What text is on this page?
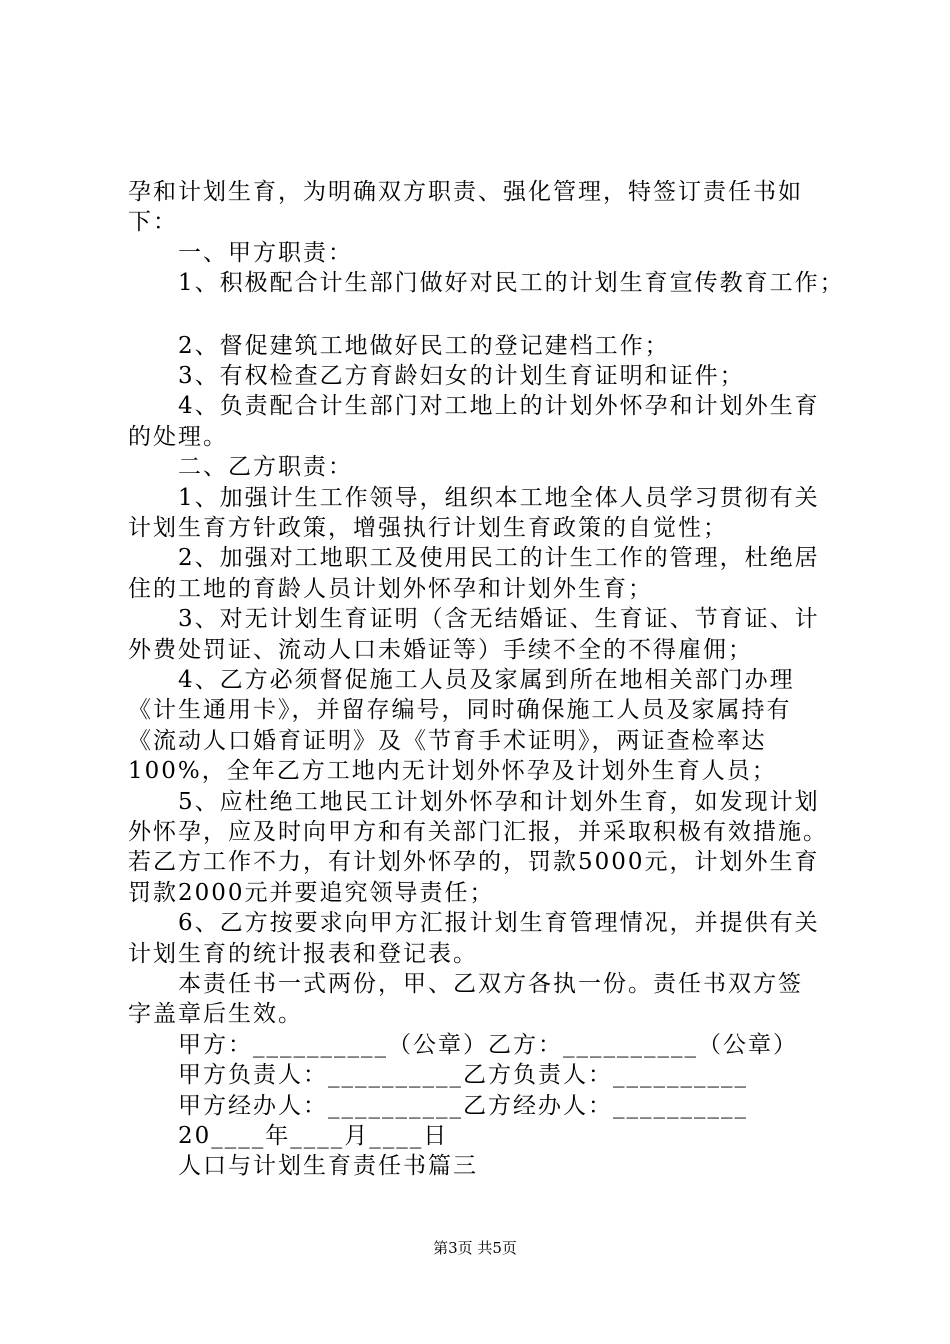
孕和计划生育，为明确双方职责、强化管理，特签订责任书如
下：
一、甲方职责：
1、积极配合计生部门做好对民工的计划生育宣传教育工作；
2、督促建筑工地做好民工的登记建档工作；
3、有权检查乙方育龄妇女的计划生育证明和证件；
4、负责配合计生部门对工地上的计划外怀孕和计划外生育
的处理。
二、乙方职责：
1、加强计生工作领导，组织本工地全体人员学习贯彻有关
计划生育方针政策，增强执行计划生育政策的自觉性；
2、加强对工地职工及使用民工的计生工作的管理，杜绝居
住的工地的育龄人员计划外怀孕和计划外生育；
3、对无计划生育证明（含无结婚证、生育证、节育证、计
外费处罚证、流动人口未婚证等）手续不全的不得雇佣；
4、乙方必须督促施工人员及家属到所在地相关部门办理
《计生通用卡》，并留存编号，同时确保施工人员及家属持有
《流动人口婚育证明》及《节育手术证明》，两证查检率达
100%，全年乙方工地内无计划外怀孕及计划外生育人员；
5、应杜绝工地民工计划外怀孕和计划外生育，如发现计划
外怀孕，应及时向甲方和有关部门汇报，并采取积极有效措施。
若乙方工作不力，有计划外怀孕的，罚款5000元，计划外生育
罚款2000元并要追究领导责任；
6、乙方按要求向甲方汇报计划生育管理情况，并提供有关
计划生育的统计报表和登记表。
本责任书一式两份，甲、乙双方各执一份。责任书双方签
字盖章后生效。
甲方：__________（公章）乙方：__________（公章）
甲方负责人：__________乙方负责人：__________
甲方经办人：__________乙方经办人：__________
20____年____月____日
人口与计划生育责任书篇三
第3页 共5页
